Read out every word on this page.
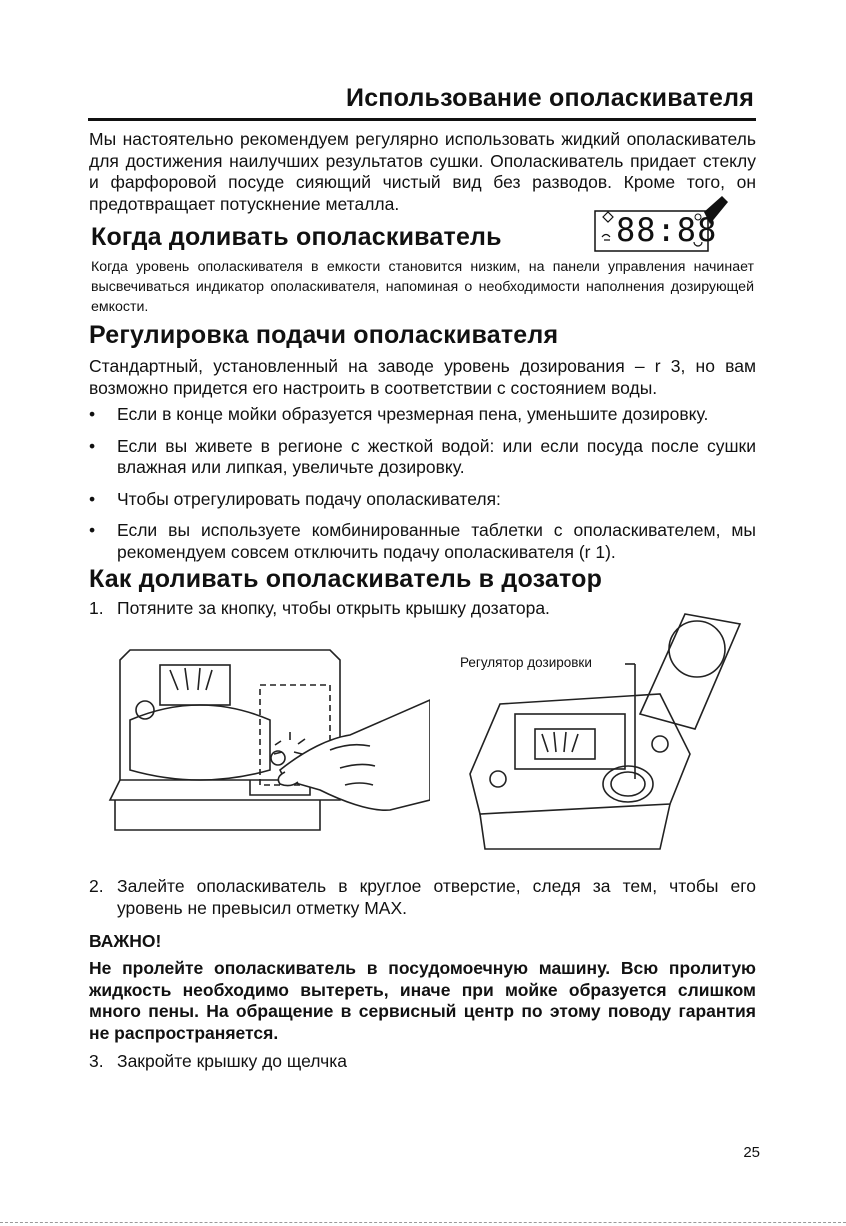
Использование ополаскивателя
Мы настоятельно рекомендуем регулярно использовать жидкий ополаскиватель
для достижения наилучших результатов сушки. Ополаскиватель придает стеклу
и фарфоровой посуде сияющий чистый вид без разводов. Кроме того, он
предотвращает потускнение металла.
88:88
Когда доливать ополаскиватель
Когда уровень ополаскивателя в емкости становится низким, на панели управления начинает высвечиваться индикатор ополаскивателя, напоминая о необходимости наполнения дозирующей емкости.
Регулировка подачи ополаскивателя
Стандартный, установленный на заводе уровень дозирования – r 3, но вам возможно придется его настроить в соответствии с состоянием воды.
•	Если в конце мойки образуется чрезмерная пена, уменьшите дозировку.
•	Если вы живете в регионе с жесткой водой: или если посуда после сушки влажная или липкая, увеличьте дозировку.
•	Чтобы отрегулировать подачу ополаскивателя:
•	Если вы используете комбинированные таблетки с ополаскивателем, мы рекомендуем совсем отключить подачу ополаскивателя (r 1).
Как доливать ополаскиватель в дозатор
1. Потяните за кнопку, чтобы открыть крышку дозатора.
Регулятор дозировки
2. Залейте ополаскиватель в круглое отверстие, следя за тем, чтобы его уровень не превысил отметку MAX.
ВАЖНО!
Не пролейте ополаскиватель в посудомоечную машину. Всю пролитую жидкость необходимо вытереть, иначе при мойке образуется слишком много пены. На обращение в сервисный центр по этому поводу гарантия не распространяется.
3. Закройте крышку до щелчка
25
